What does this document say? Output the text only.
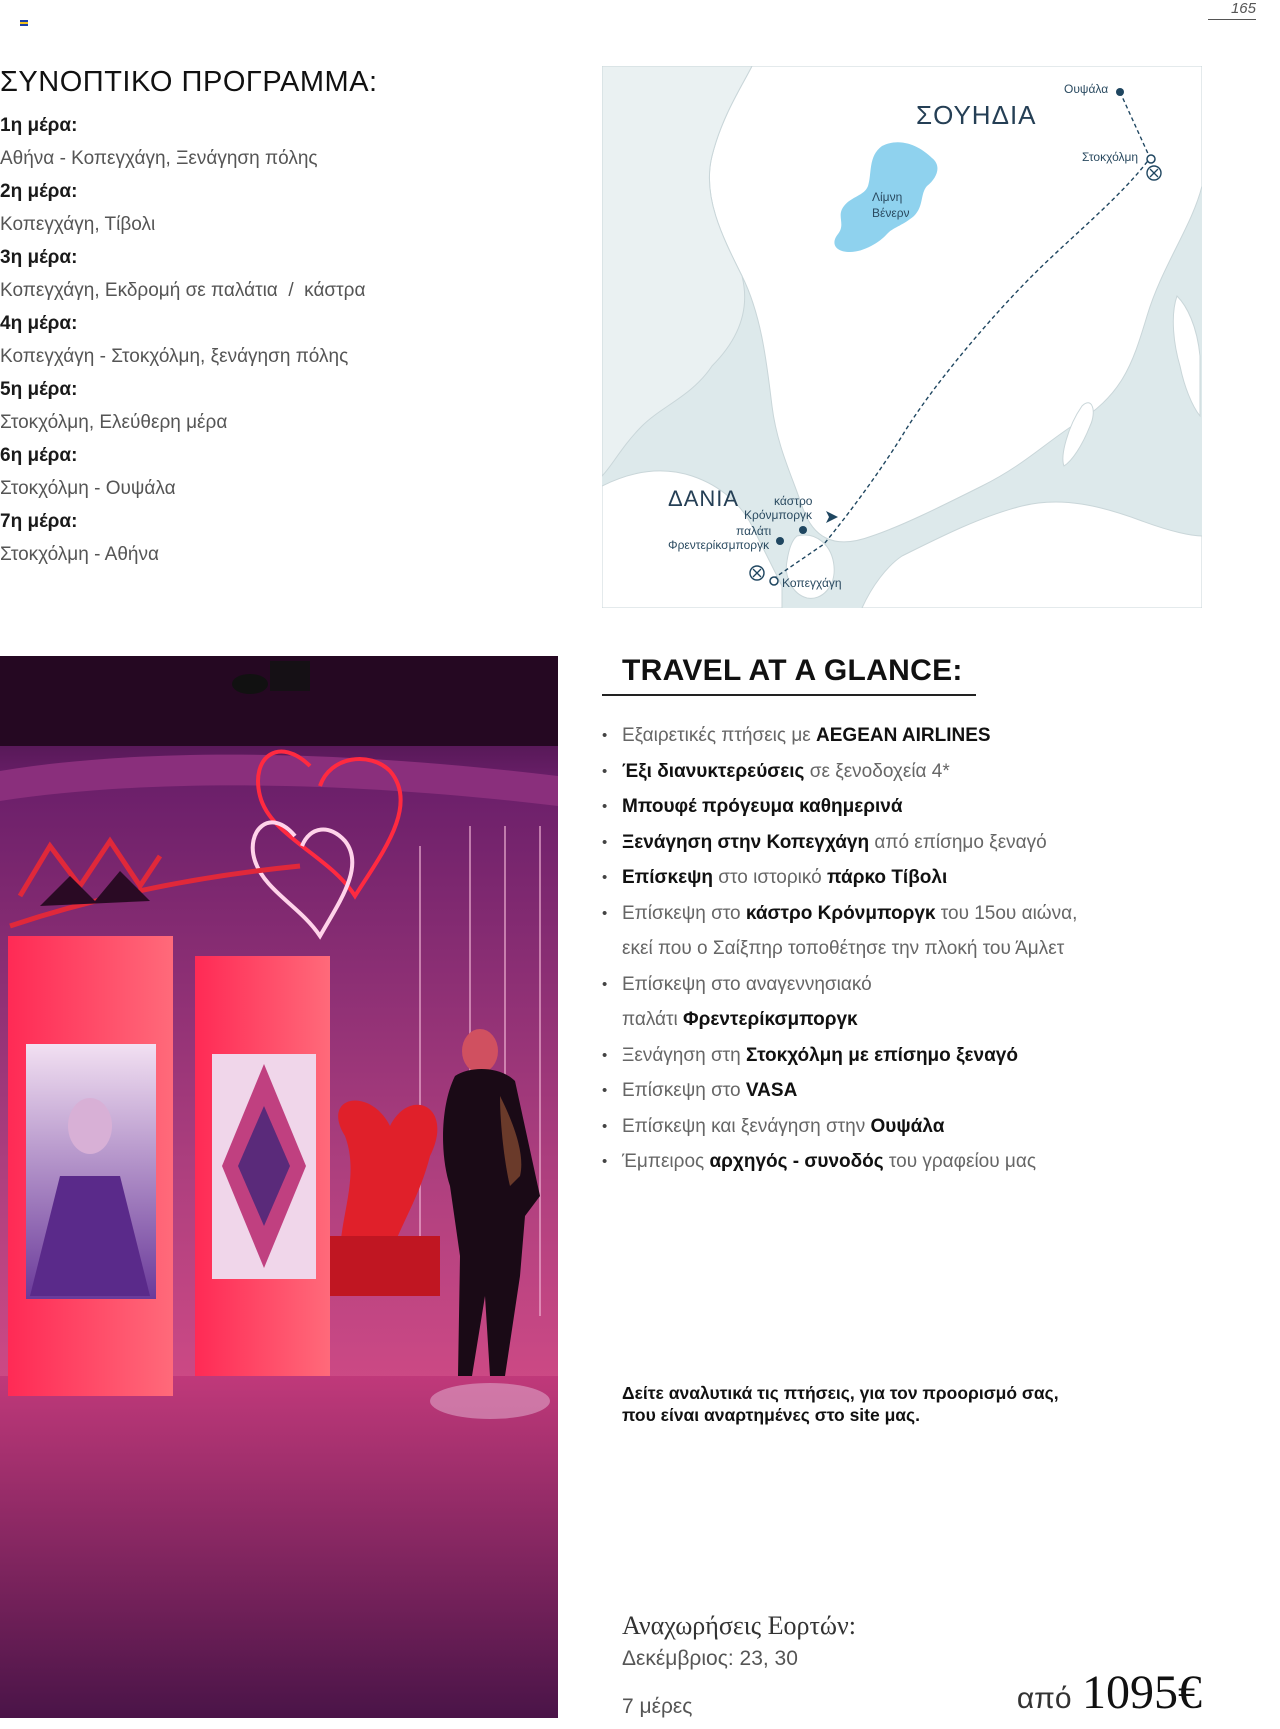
165
ΣΥΝΟΠΤΙΚΟ ΠΡΟΓΡΑΜΜΑ:
1η μέρα:
Αθήνα - Κοπεγχάγη, Ξενάγηση πόλης
2η μέρα:
Κοπεγχάγη, Τίβολι
3η μέρα:
Κοπεγχάγη, Εκδρομή σε παλάτια  /  κάστρα
4η μέρα:
Κοπεγχάγη - Στοκχόλμη, ξενάγηση πόλης
5η μέρα:
Στοκχόλμη, Ελεύθερη μέρα
6η μέρα:
Στοκχόλμη - Ουψάλα
7η μέρα:
Στοκχόλμη - Αθήνα
ΣΟΥΗΔΙΑ
ΔΑΝΙΑ
Λίμνη
Βένερν
Ουψάλα
Στοκχόλμη
κάστρο
Κρόνμποργκ
παλάτι
Φρεντερίκσμποργκ
Κοπεγχάγη
TRAVEL AT A GLANCE:
• Εξαιρετικές πτήσεις με AEGEAN AIRLINES
• Έξι διανυκτερεύσεις σε ξενοδοχεία 4*
• Μπουφέ πρόγευμα καθημερινά
• Ξενάγηση στην Κοπεγχάγη από επίσημο ξεναγό
• Επίσκεψη στο ιστορικό πάρκο Τίβολι
• Επίσκεψη στο κάστρο Κρόνμποργκ του 15ου αιώνα,
εκεί που ο Σαίξπηρ τοποθέτησε την πλοκή του Άμλετ
• Επίσκεψη στο αναγεννησιακό
παλάτι Φρεντερίκσμποργκ
• Ξενάγηση στη Στοκχόλμη με επίσημο ξεναγό
• Επίσκεψη στο VASA
• Επίσκεψη και ξενάγηση στην Ουψάλα
• Έμπειρος αρχηγός - συνοδός του γραφείου μας
Δείτε αναλυτικά τις πτήσεις, για τον προορισμό σας,
που είναι αναρτημένες στο site μας.
Αναχωρήσεις Εορτών:
Δεκέμβριος: 23, 30
7 μέρες	από 1095€
